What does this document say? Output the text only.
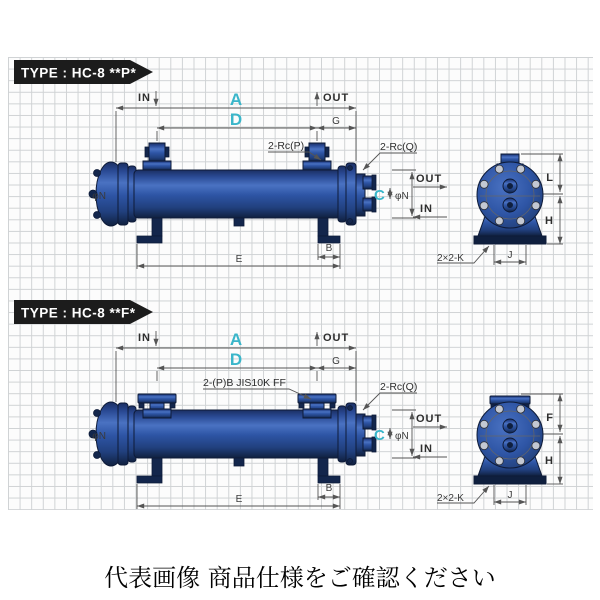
TYPE : HC-8 **P*
IN	OUT
A
D	G
2-Rc(P)	2-Rc(Q)
φN	C φN
OUT
IN
E
B
L
H
J
2×2-K
TYPE : HC-8 **F*
IN	OUT
A
D	G
2-(P)B JIS10K FF	2-Rc(Q)
φN	C φN
OUT
IN
E
B
F
H
J
2×2-K
代表画像 商品仕様をご確認ください
